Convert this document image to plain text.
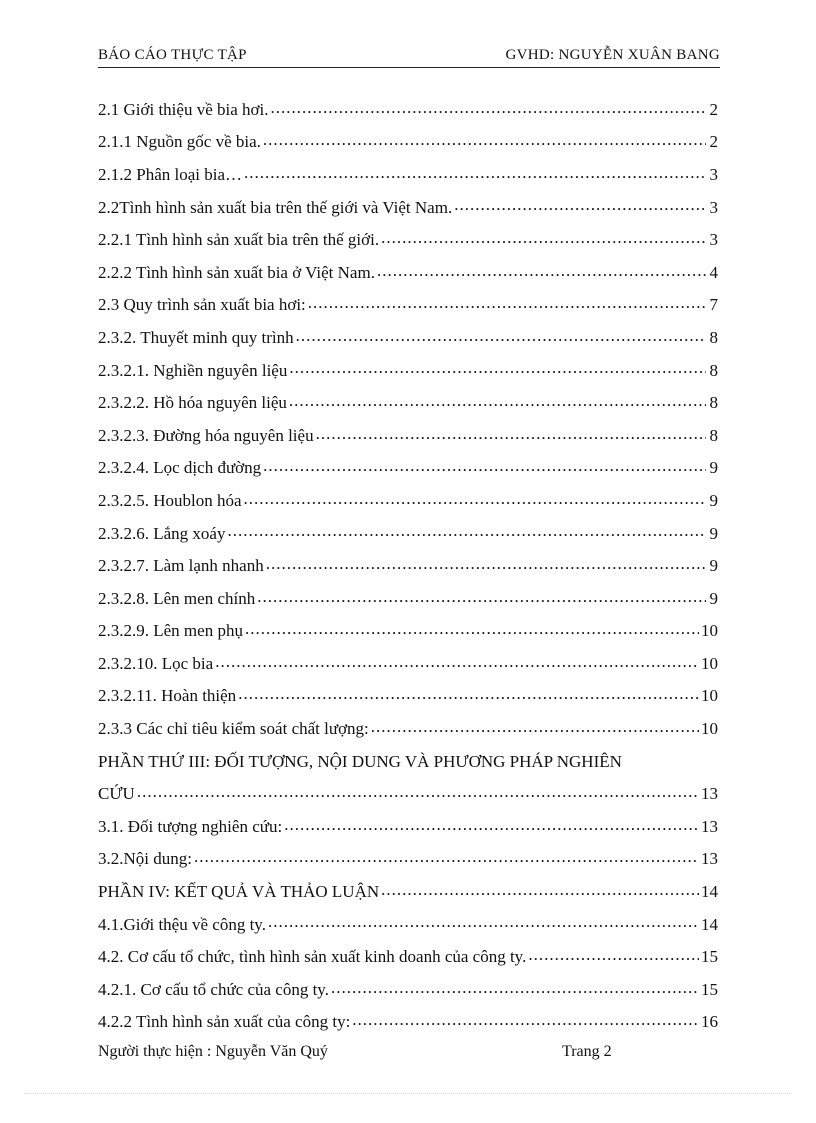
BÁO CÁO THỰC TẬP	GVHD: NGUYỄN XUÂN BANG
2.1 Giới thiệu về bia hơi. .....	2
2.1.1 Nguồn gốc về bia. .....	2
2.1.2 Phân loại bia… .....	3
2.2Tình hình sản xuất bia trên thế giới và Việt Nam. .....	3
2.2.1 Tình hình sản xuất bia trên thế giới. .....	3
2.2.2 Tình hình sản xuất bia ở Việt Nam. .....	4
2.3 Quy trình sản xuất bia hơi: .....	7
2.3.2. Thuyết minh quy trình .....	8
2.3.2.1. Nghiền nguyên liệu .....	8
2.3.2.2. Hồ hóa nguyên liệu .....	8
2.3.2.3. Đường hóa nguyên liệu .....	8
2.3.2.4. Lọc dịch đường .....	9
2.3.2.5. Houblon hóa .....	9
2.3.2.6. Lắng xoáy .....	9
2.3.2.7. Làm lạnh nhanh .....	9
2.3.2.8. Lên men chính .....	9
2.3.2.9. Lên men phụ .....	10
2.3.2.10. Lọc bia .....	10
2.3.2.11. Hoàn thiện .....	10
2.3.3 Các chỉ tiêu kiểm soát chất lượng: .....	10
PHẦN THỨ III: ĐỐI TƯỢNG, NỘI DUNG VÀ PHƯƠNG PHÁP NGHIÊN
CỨU .....	13
3.1. Đối tượng nghiên cứu: .....	13
3.2.Nội dung: .....	13
PHẦN IV: KẾT QUẢ VÀ THẢO LUẬN .....	14
4.1.Giới thệu về công ty. .....	14
4.2. Cơ cấu tổ chức, tình hình sản xuất kinh doanh của công ty. .....	15
4.2.1. Cơ cấu tổ chức của công ty. .....	15
4.2.2 Tình hình sản xuất của công ty: .....	16
Người thực hiện : Nguyễn Văn Quý	Trang 2
